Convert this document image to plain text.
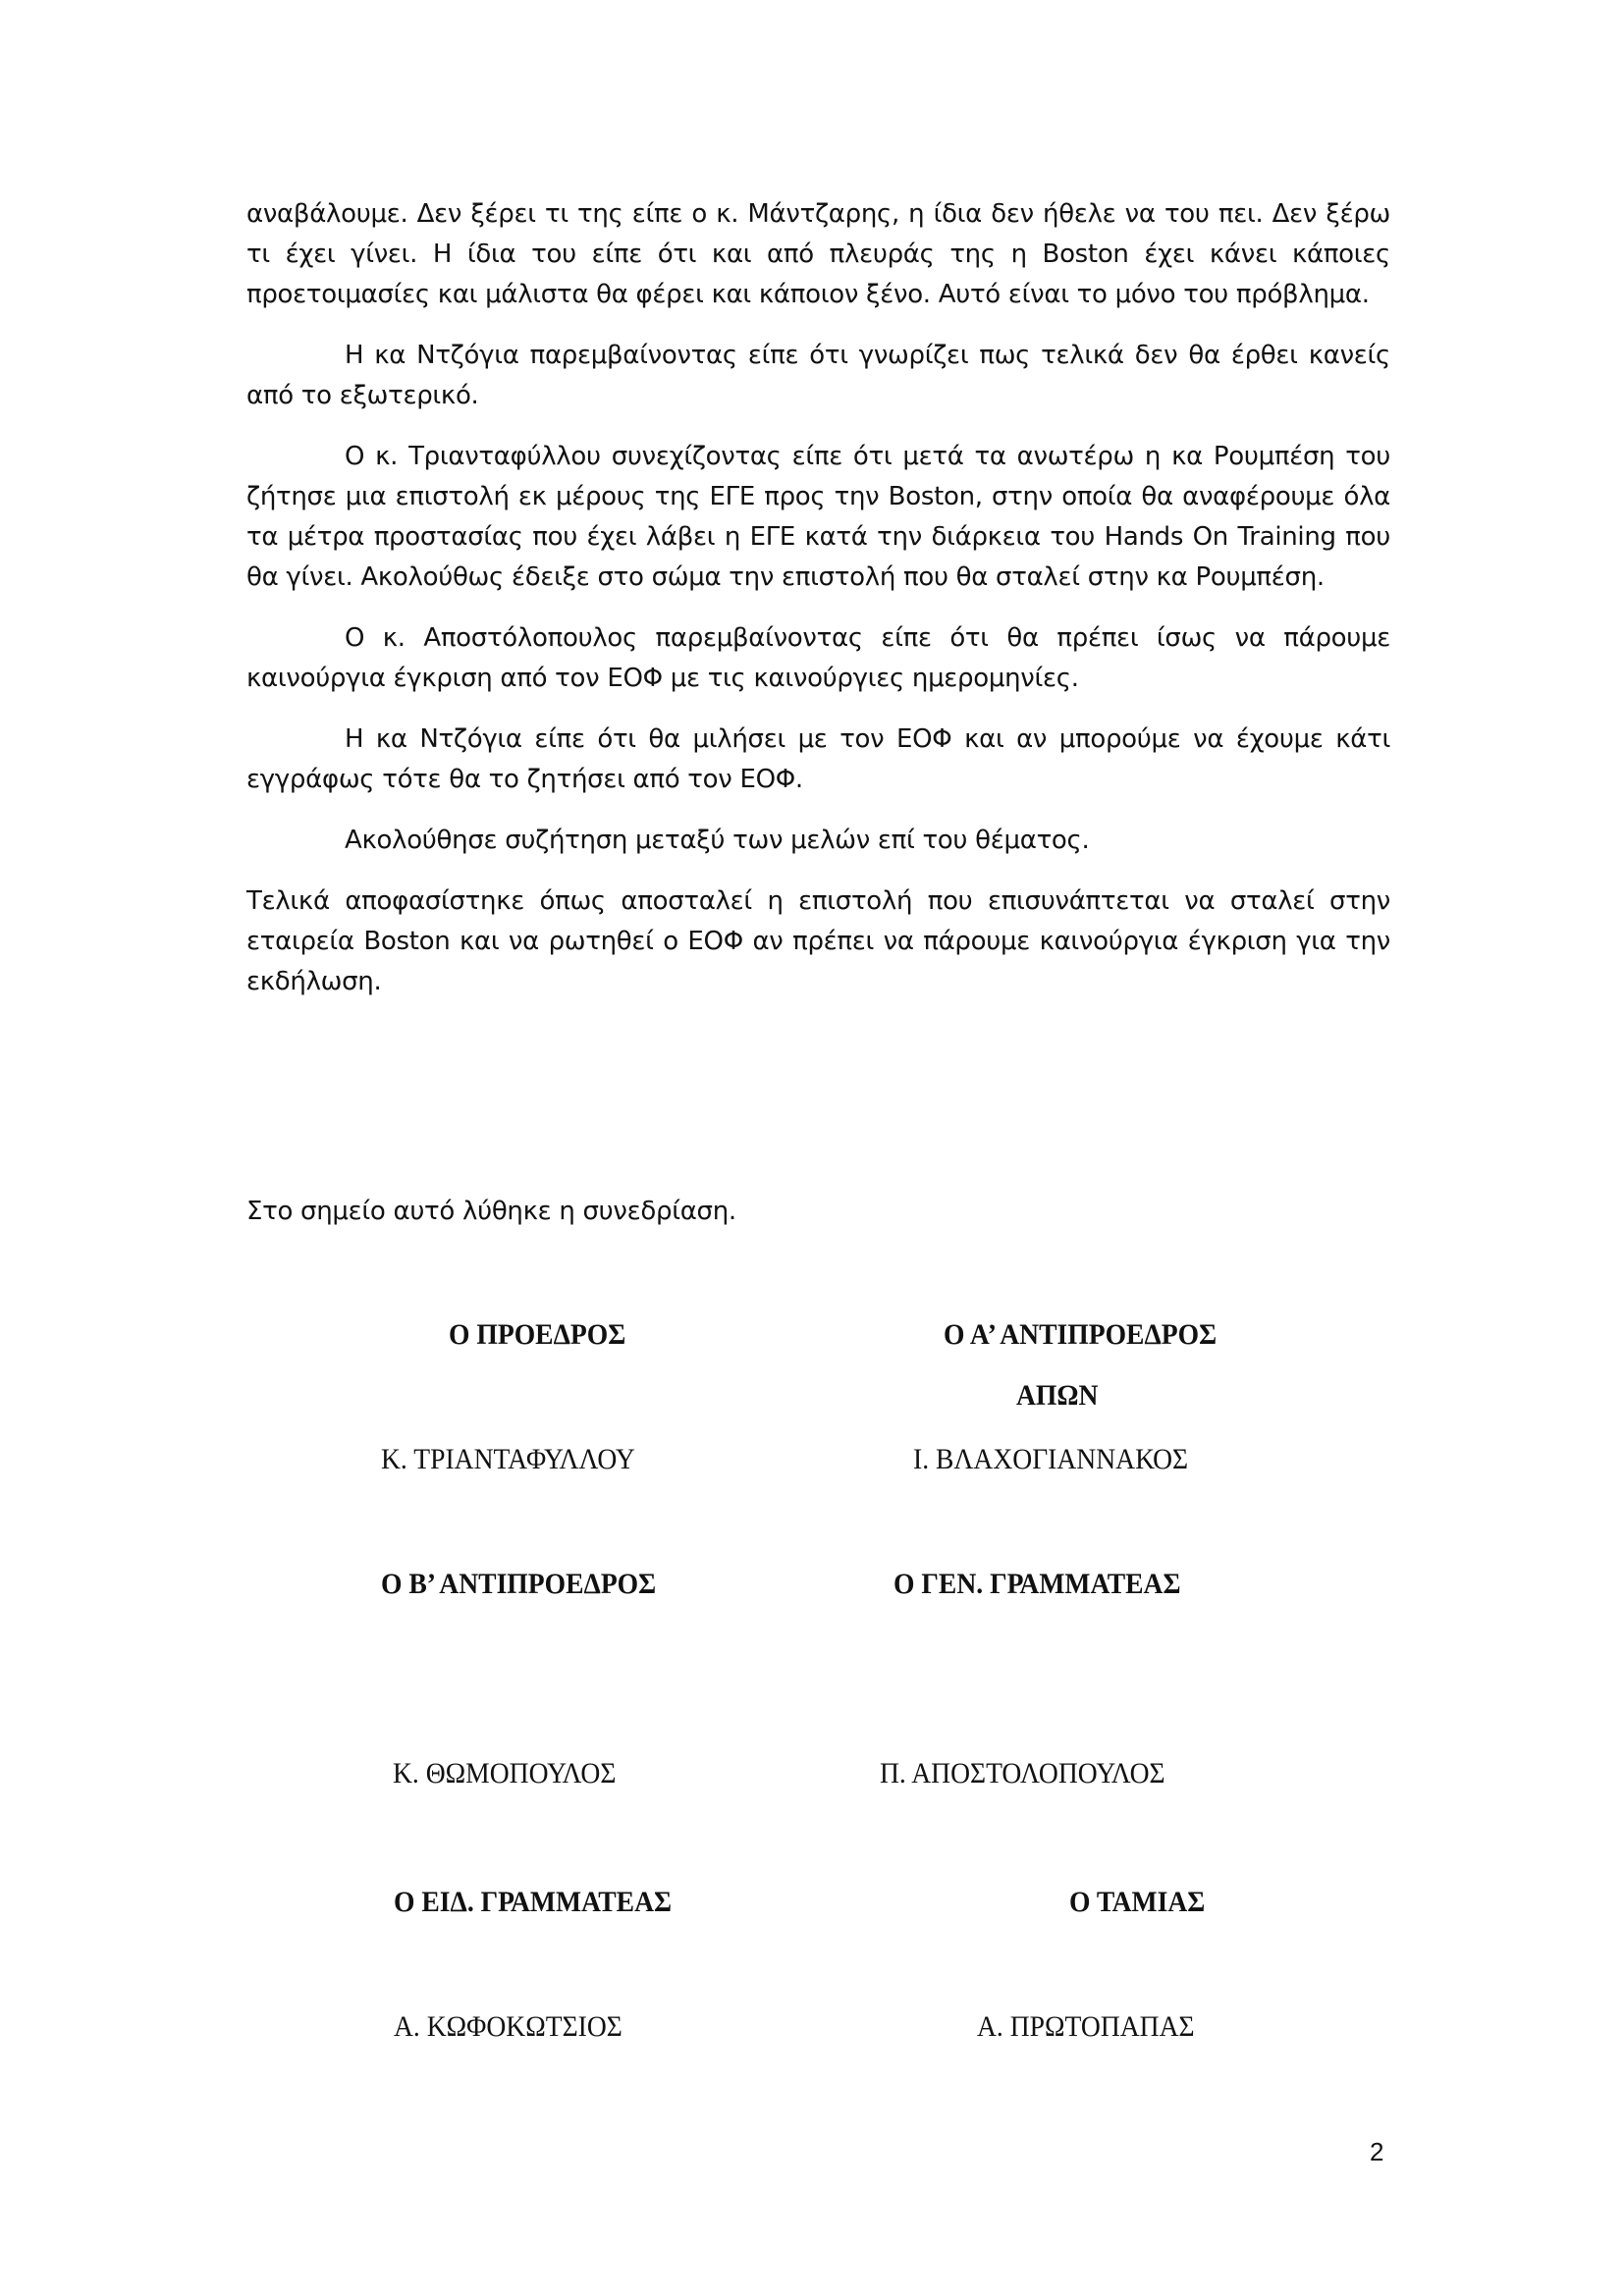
αναβάλουμε. Δεν ξέρει τι της είπε ο κ. Μάντζαρης, η ίδια δεν ήθελε να του πει. Δεν ξέρω τι έχει γίνει. Η ίδια του είπε ότι και από πλευράς της η Boston έχει κάνει κάποιες προετοιμασίες και μάλιστα θα φέρει και κάποιον ξένο. Αυτό είναι το μόνο του πρόβλημα.

Η κα Ντζόγια παρεμβαίνοντας είπε ότι γνωρίζει πως τελικά δεν θα έρθει κανείς από το εξωτερικό.

Ο κ. Τριανταφύλλου συνεχίζοντας είπε ότι μετά τα ανωτέρω η κα Ρουμπέση του ζήτησε μια επιστολή εκ μέρους της ΕΓΕ προς την Boston, στην οποία θα αναφέρουμε όλα τα μέτρα προστασίας που έχει λάβει η ΕΓΕ κατά την διάρκεια του Hands On Training που θα γίνει. Ακολούθως έδειξε στο σώμα την επιστολή που θα σταλεί στην κα Ρουμπέση.

Ο κ. Αποστόλοπουλος παρεμβαίνοντας είπε ότι θα πρέπει ίσως να πάρουμε καινούργια έγκριση από τον ΕΟΦ με τις καινούργιες ημερομηνίες.

Η κα Ντζόγια είπε ότι θα μιλήσει με τον ΕΟΦ και αν μπορούμε να έχουμε κάτι εγγράφως τότε θα το ζητήσει από τον ΕΟΦ.

Ακολούθησε συζήτηση μεταξύ των μελών επί του θέματος.

Τελικά αποφασίστηκε όπως αποσταλεί η επιστολή που επισυνάπτεται να σταλεί στην εταιρεία Boston και να ρωτηθεί ο ΕΟΦ αν πρέπει να πάρουμε καινούργια έγκριση για την εκδήλωση.

Στο σημείο αυτό λύθηκε η συνεδρίαση.

Ο ΠΡΟΕΔΡΟΣ	Ο Α’ ΑΝΤΙΠΡΟΕΔΡΟΣ
ΑΠΩΝ
Κ. ΤΡΙΑΝΤΑΦΥΛΛΟΥ	Ι. ΒΛΑΧΟΓΙΑΝΝΑΚΟΣ
Ο Β’ ΑΝΤΙΠΡΟΕΔΡΟΣ	Ο ΓΕΝ. ΓΡΑΜΜΑΤΕΑΣ
Κ. ΘΩΜΟΠΟΥΛΟΣ	Π. ΑΠΟΣΤΟΛΟΠΟΥΛΟΣ
Ο ΕΙΔ. ΓΡΑΜΜΑΤΕΑΣ	Ο ΤΑΜΙΑΣ
Α. ΚΩΦΟΚΩΤΣΙΟΣ	Α. ΠΡΩΤΟΠΑΠΑΣ
2
